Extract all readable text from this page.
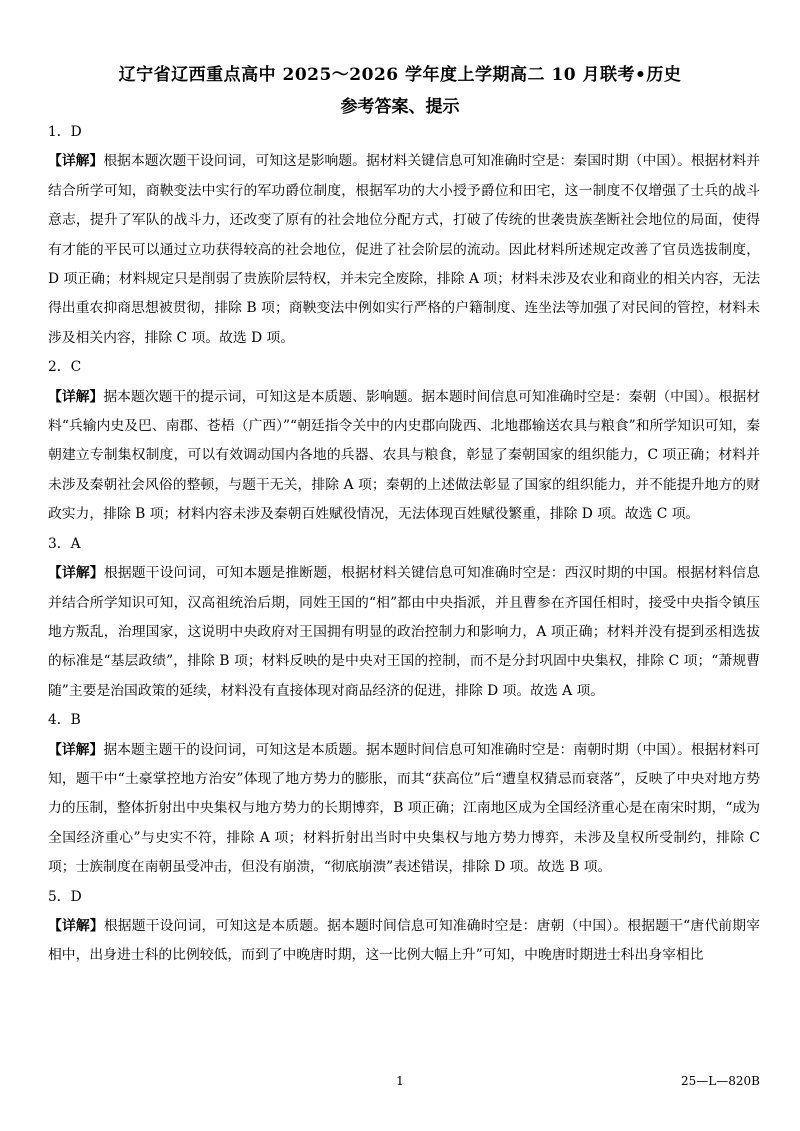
辽宁省辽西重点高中 2025～2026 学年度上学期高二 10 月联考•历史
参考答案、提示

1．D

【详解】根据本题次题干设问词，可知这是影响题。据材料关键信息可知准确时空是：秦国时期（中国）。根据材料并结合所学可知，商鞅变法中实行的军功爵位制度，根据军功的大小授予爵位和田宅，这一制度不仅增强了士兵的战斗意志，提升了军队的战斗力，还改变了原有的社会地位分配方式，打破了传统的世袭贵族垄断社会地位的局面，使得有才能的平民可以通过立功获得较高的社会地位，促进了社会阶层的流动。因此材料所述规定改善了官员选拔制度，D 项正确；材料规定只是削弱了贵族阶层特权，并未完全废除，排除 A 项；材料未涉及农业和商业的相关内容，无法得出重农抑商思想被贯彻，排除 B 项；商鞅变法中例如实行严格的户籍制度、连坐法等加强了对民间的管控，材料未涉及相关内容，排除 C 项。故选 D 项。

2．C

【详解】据本题次题干的提示词，可知这是本质题、影响题。据本题时间信息可知准确时空是：秦朝（中国）。根据材料“兵输内史及巴、南郡、苍梧（广西）”“朝廷指令关中的内史郡向陇西、北地郡输送农具与粮食”和所学知识可知，秦朝建立专制集权制度，可以有效调动国内各地的兵器、农具与粮食，彰显了秦朝国家的组织能力，C 项正确；材料并未涉及秦朝社会风俗的整顿，与题干无关，排除 A 项；秦朝的上述做法彰显了国家的组织能力，并不能提升地方的财政实力，排除 B 项；材料内容未涉及秦朝百姓赋役情况，无法体现百姓赋役繁重，排除 D 项。故选 C 项。

3．A

【详解】根据题干设问词，可知本题是推断题，根据材料关键信息可知准确时空是：西汉时期的中国。根据材料信息并结合所学知识可知，汉高祖统治后期，同姓王国的“相”都由中央指派，并且曹参在齐国任相时，接受中央指令镇压地方叛乱，治理国家，这说明中央政府对王国拥有明显的政治控制力和影响力，A 项正确；材料并没有提到丞相选拔的标准是“基层政绩”，排除 B 项；材料反映的是中央对王国的控制，而不是分封巩固中央集权，排除 C 项；“萧规曹随”主要是治国政策的延续，材料没有直接体现对商品经济的促进，排除 D 项。故选 A 项。

4．B

【详解】据本题主题干的设问词，可知这是本质题。据本题时间信息可知准确时空是：南朝时期（中国）。根据材料可知，题干中“土豪掌控地方治安”体现了地方势力的膨胀，而其“获高位”后“遭皇权猜忌而衰落”，反映了中央对地方势力的压制，整体折射出中央集权与地方势力的长期博弈，B 项正确；江南地区成为全国经济重心是在南宋时期，“成为全国经济重心”与史实不符，排除 A 项；材料折射出当时中央集权与地方势力博弈，未涉及皇权所受制约，排除 C 项；士族制度在南朝虽受冲击，但没有崩溃，“彻底崩溃”表述错误，排除 D 项。故选 B 项。

5．D

【详解】根据题干设问词，可知这是本质题。据本题时间信息可知准确时空是：唐朝（中国）。根据题干“唐代前期宰相中，出身进士科的比例较低，而到了中晚唐时期，这一比例大幅上升”可知，中晚唐时期进士科出身宰相比

1	25—L—820B
